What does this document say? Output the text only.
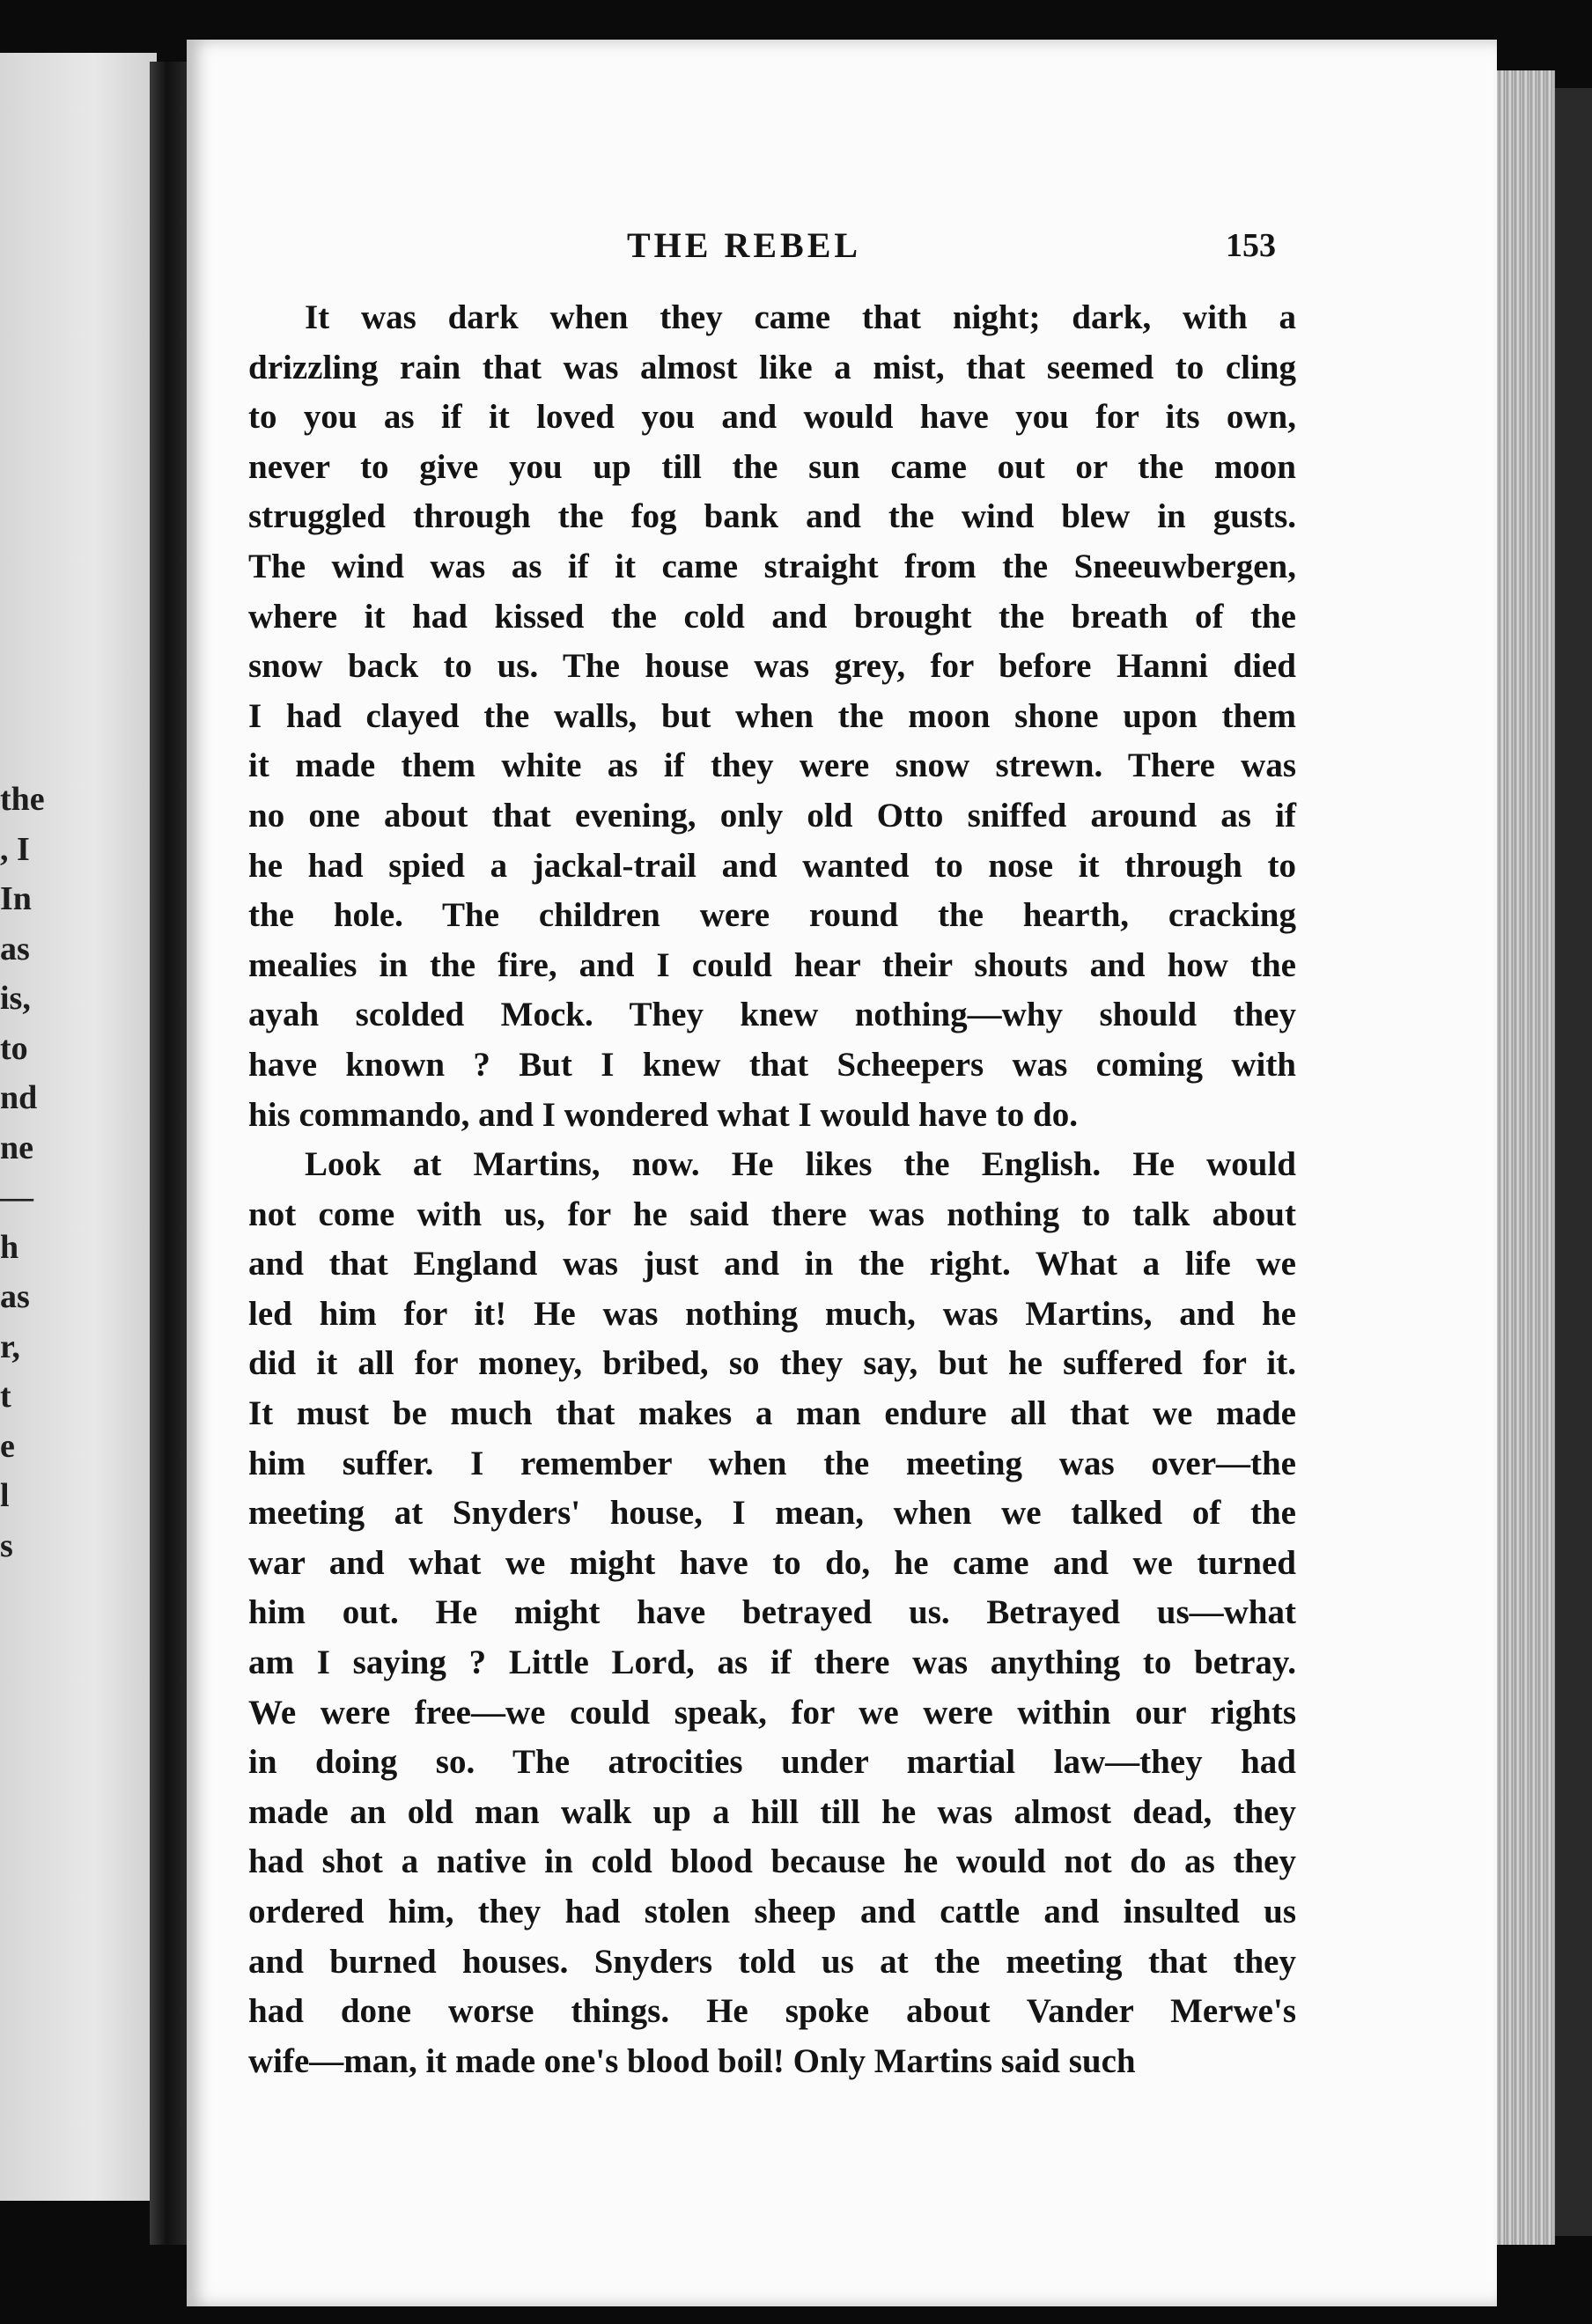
the
, I
In
as
is,
to
nd
ne
—
h
as
r,
t
e
l
s
THE REBEL	153
It was dark when they came that night; dark, with a
drizzling rain that was almost like a mist, that seemed to cling
to you as if it loved you and would have you for its own,
never to give you up till the sun came out or the moon
struggled through the fog bank and the wind blew in gusts.
The wind was as if it came straight from the Sneeuwbergen,
where it had kissed the cold and brought the breath of the
snow back to us. The house was grey, for before Hanni died
I had clayed the walls, but when the moon shone upon them
it made them white as if they were snow strewn. There was
no one about that evening, only old Otto sniffed around as if
he had spied a jackal-trail and wanted to nose it through to
the hole. The children were round the hearth, cracking
mealies in the fire, and I could hear their shouts and how the
ayah scolded Mock. They knew nothing—why should they
have known ? But I knew that Scheepers was coming with
his commando, and I wondered what I would have to do.
Look at Martins, now. He likes the English. He would
not come with us, for he said there was nothing to talk about
and that England was just and in the right. What a life we
led him for it! He was nothing much, was Martins, and he
did it all for money, bribed, so they say, but he suffered for it.
It must be much that makes a man endure all that we made
him suffer. I remember when the meeting was over—the
meeting at Snyders' house, I mean, when we talked of the
war and what we might have to do, he came and we turned
him out. He might have betrayed us. Betrayed us—what
am I saying ? Little Lord, as if there was anything to betray.
We were free—we could speak, for we were within our rights
in doing so. The atrocities under martial law—they had
made an old man walk up a hill till he was almost dead, they
had shot a native in cold blood because he would not do as they
ordered him, they had stolen sheep and cattle and insulted us
and burned houses. Snyders told us at the meeting that they
had done worse things. He spoke about Vander Merwe's
wife—man, it made one's blood boil! Only Martins said such
